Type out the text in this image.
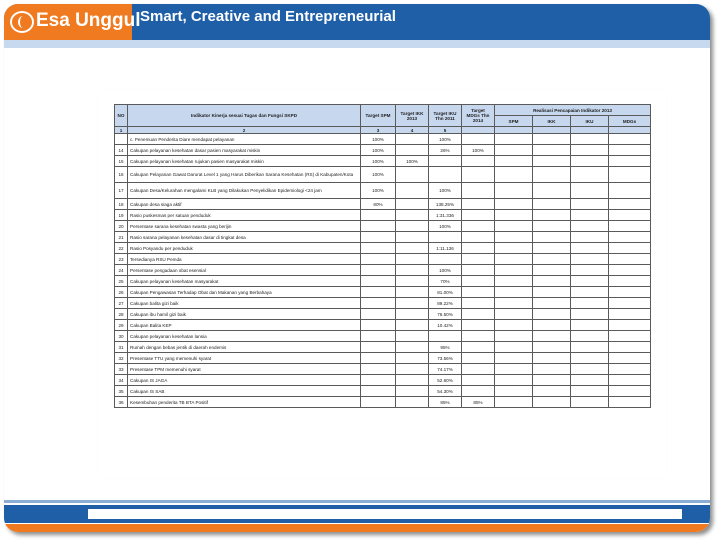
Esa Unggul Smart, Creative and Entrepreneurial
NO	Indikator Kinerja sesuai Tugas dan Fungsi SKPD	Target SPM	Target IKK 2013	Target IKU Thn 2011	Target MDGs Thn 2014	Realisasi Pencapaian Indikator 2013			
						SPM	IKK	IKU	MDGs
1	2	3	4	5					
	c. Penemuan Penderita Diare mendapat pelayanan	100%		100%					
14	Cakupan pelayanan kesehatan dasar pasien masyarakat miskin	100%		26%	100%				
15	Cakupan pelayanan kesehatan rujukan pasien masyarakat miskin	100%	100%						
16	Cakupan Pelayanan Gawat Darurat Level 1 yang Harus Diberikan Sarana Kesehatan (RS) di Kabupaten/Kota	100%							
17	Cakupan Desa/Kelurahan mengalami KLB yang Dilakukan Penyelidikan Epidemiologi <24 jam	100%		100%					
18	Cakupan desa siaga aktif	80%		138.25%					
19	Rasio puskesmas per satuan penduduk			1:31.336					
20	Persentase sarana kesehatan swasta yang berijin			100%					
21	Rasio sarana pelayanan kesehatan dasar di tingkat desa								
22	Rasio Posyandu per penduduk			1:11.136					
23	Tersedianya RSU Pemda								
24	Persentase pengadaan obat esensial			100%					
25	Cakupan pelayanan kesehatan masyarakat			70%					
26	Cakupan Pengawasan Terhadap Obat dan Makanan yang Berbahaya			81.00%					
27	Cakupan balita gizi baik			89.22%					
28	Cakupan ibu hamil gizi baik			76.50%					
29	Cakupan Balita KEP			10.42%					
30	Cakupan pelayanan kesehatan lansia								
31	Rumah dengan bebas jentik di daerah endemis			95%					
32	Presentase TTU yang memenuhi syarat			73.56%					
33	Presentase TPM memenuhi syarat			74.17%					
34	Cakupan IS JAGA			52.60%					
35	Cakupan IS SAB			54.30%					
36	Kesembuhan penderita TB BTA Positif			85%	85%				
